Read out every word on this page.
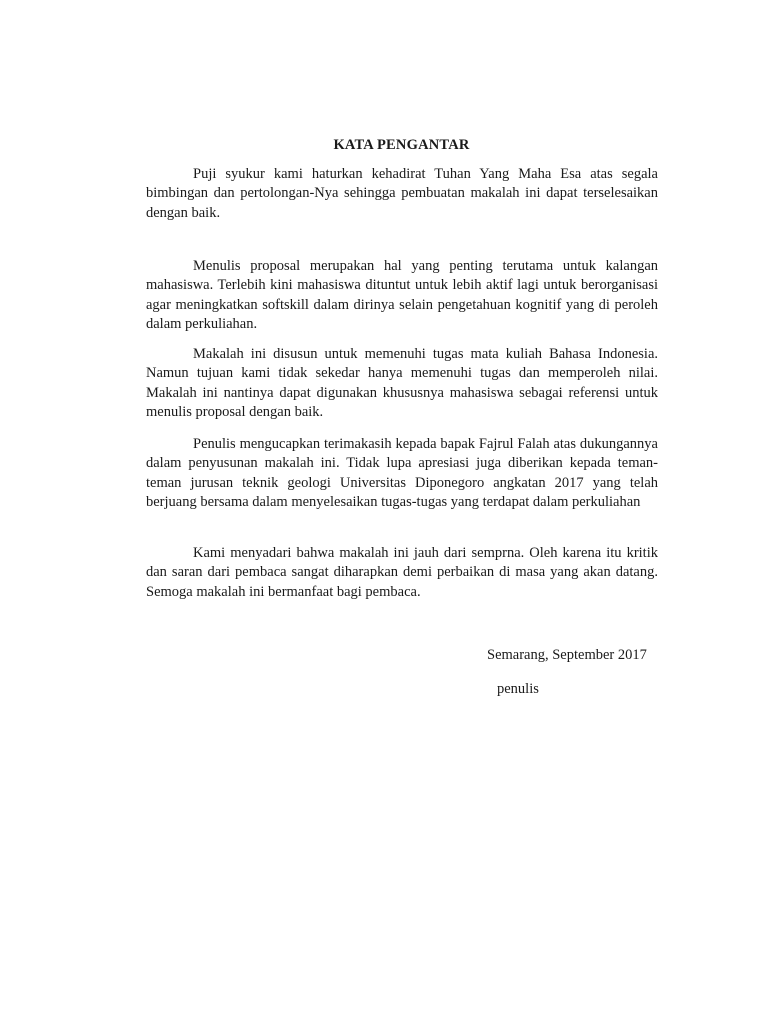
KATA PENGANTAR

Puji syukur kami haturkan kehadirat Tuhan Yang Maha Esa atas segala bimbingan dan pertolongan-Nya sehingga pembuatan makalah ini dapat terselesaikan dengan baik.

Menulis proposal merupakan hal yang penting terutama untuk kalangan mahasiswa. Terlebih kini mahasiswa dituntut untuk lebih aktif lagi untuk berorganisasi agar meningkatkan softskill dalam dirinya selain pengetahuan kognitif yang di peroleh dalam perkuliahan.

Makalah ini disusun untuk memenuhi tugas mata kuliah Bahasa Indonesia. Namun tujuan kami tidak sekedar hanya memenuhi tugas dan memperoleh nilai. Makalah ini nantinya dapat digunakan khususnya mahasiswa sebagai referensi untuk menulis proposal dengan baik.

Penulis mengucapkan terimakasih kepada bapak Fajrul Falah atas dukungannya dalam penyusunan makalah ini. Tidak lupa apresiasi juga diberikan kepada teman-teman jurusan teknik geologi Universitas Diponegoro angkatan 2017 yang telah berjuang bersama dalam menyelesaikan tugas-tugas yang terdapat dalam perkuliahan

Kami menyadari bahwa makalah ini jauh dari semprna. Oleh karena itu kritik dan saran dari pembaca sangat diharapkan demi perbaikan di masa yang akan datang. Semoga makalah ini bermanfaat bagi pembaca.

Semarang, September 2017
penulis
